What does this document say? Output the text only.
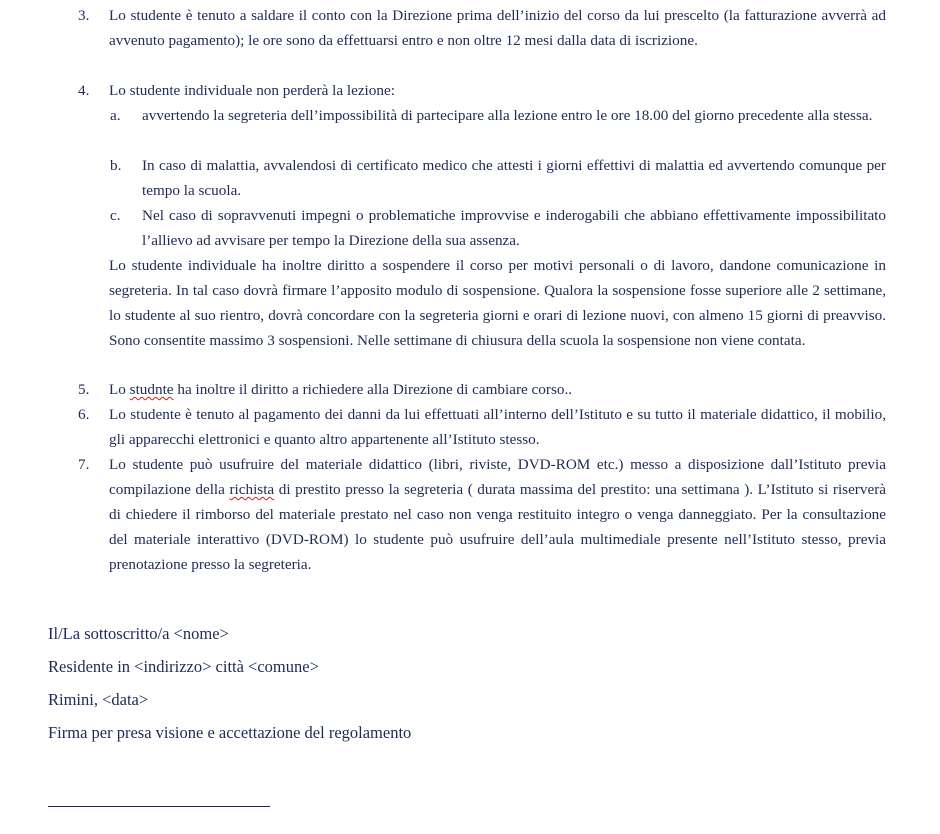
3.	Lo studente è tenuto a saldare il conto con la Direzione prima dell’inizio del corso da lui prescelto (la fatturazione avverrà ad avvenuto pagamento); le ore sono da effettuarsi entro e non oltre 12 mesi dalla data di iscrizione.
4.	Lo studente individuale non perderà la lezione:
a.	avvertendo la segreteria dell’impossibilità di partecipare alla lezione entro le ore 18.00 del giorno precedente alla stessa.
b.	In caso di malattia, avvalendosi di certificato medico che attesti i giorni effettivi di malattia ed avvertendo comunque per tempo la scuola.
c.	Nel caso di sopravvenuti impegni o problematiche improvvise e inderogabili che abbiano effettivamente impossibilitato l’allievo ad avvisare per tempo la Direzione della sua assenza.
Lo studente individuale ha inoltre diritto a sospendere il corso per motivi personali o di lavoro, dandone comunicazione in segreteria. In tal caso dovrà firmare l’apposito modulo di sospensione. Qualora la sospensione fosse superiore alle 2 settimane, lo studente al suo rientro, dovrà concordare con la segreteria giorni e orari di lezione nuovi, con almeno 15 giorni di preavviso. Sono consentite massimo 3 sospensioni. Nelle settimane di chiusura della scuola la sospensione non viene contata.
5.	Lo studnte ha inoltre il diritto a richiedere alla Direzione di cambiare corso..
6.	Lo studente è tenuto al pagamento dei danni da lui effettuati all’interno dell’Istituto e su tutto il materiale didattico, il mobilio, gli apparecchi elettronici e quanto altro appartenente all’Istituto stesso.
7.	Lo studente può usufruire del materiale didattico (libri, riviste, DVD-ROM etc.) messo a disposizione dall’Istituto previa compilazione della richista di prestito presso la segreteria ( durata massima del prestito: una settimana ). L’Istituto si riserverà di chiedere il rimborso del materiale prestato nel caso non venga restituito integro o venga danneggiato. Per la consultazione del materiale interattivo (DVD-ROM) lo studente può usufruire dell’aula multimediale presente nell’Istituto stesso, previa prenotazione presso la segreteria.
Il/La sottoscritto/a <nome>
Residente in <indirizzo> città <comune>
Rimini, <data>
Firma per presa visione e accettazione del regolamento
